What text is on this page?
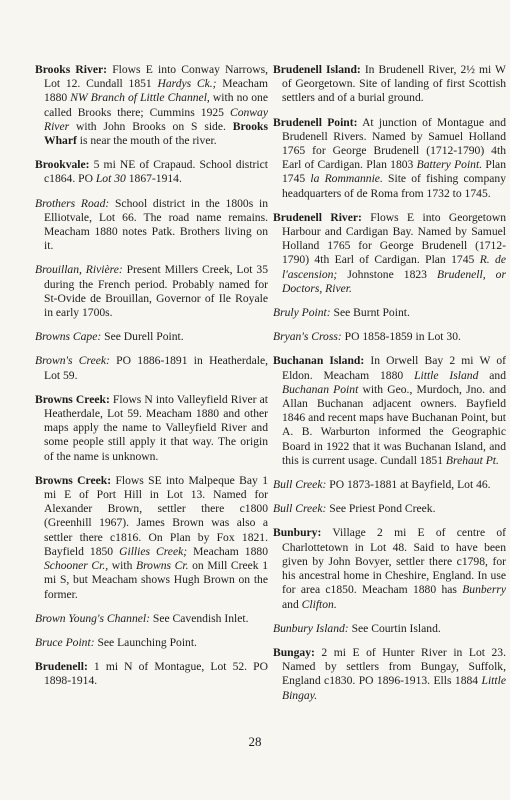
Brooks River: Flows E into Conway Narrows, Lot 12. Cundall 1851 Hardys Ck.; Meacham 1880 NW Branch of Little Channel, with no one called Brooks there; Cummins 1925 Conway River with John Brooks on S side. Brooks Wharf is near the mouth of the river.

Brookvale: 5 mi NE of Crapaud. School district c1864. PO Lot 30 1867-1914.

Brothers Road: School district in the 1800s in Elliotvale, Lot 66. The road name remains. Meacham 1880 notes Patk. Brothers living on it.

Brouillan, Rivière: Present Millers Creek, Lot 35 during the French period. Probably named for St-Ovide de Brouillan, Governor of Ile Royale in early 1700s.

Browns Cape: See Durell Point.

Brown's Creek: PO 1886-1891 in Heatherdale, Lot 59.

Browns Creek: Flows N into Valleyfield River at Heatherdale, Lot 59. Meacham 1880 and other maps apply the name to Valleyfield River and some people still apply it that way. The origin of the name is unknown.

Browns Creek: Flows SE into Malpeque Bay 1 mi E of Port Hill in Lot 13. Named for Alexander Brown, settler there c1800 (Greenhill 1967). James Brown was also a settler there c1816. On Plan by Fox 1821. Bayfield 1850 Gillies Creek; Meacham 1880 Schooner Cr., with Browns Cr. on Mill Creek 1 mi S, but Meacham shows Hugh Brown on the former.

Brown Young's Channel: See Cavendish Inlet.

Bruce Point: See Launching Point.

Brudenell: 1 mi N of Montague, Lot 52. PO 1898-1914.

Brudenell Island: In Brudenell River, 2½ mi W of Georgetown. Site of landing of first Scottish settlers and of a burial ground.

Brudenell Point: At junction of Montague and Brudenell Rivers. Named by Samuel Holland 1765 for George Brudenell (1712-1790) 4th Earl of Cardigan. Plan 1803 Battery Point. Plan 1745 la Rommannie. Site of fishing company headquarters of de Roma from 1732 to 1745.

Brudenell River: Flows E into Georgetown Harbour and Cardigan Bay. Named by Samuel Holland 1765 for George Brudenell (1712-1790) 4th Earl of Cardigan. Plan 1745 R. de l'ascension; Johnstone 1823 Brudenell, or Doctors, River.

Bruly Point: See Burnt Point.

Bryan's Cross: PO 1858-1859 in Lot 30.

Buchanan Island: In Orwell Bay 2 mi W of Eldon. Meacham 1880 Little Island and Buchanan Point with Geo., Murdoch, Jno. and Allan Buchanan adjacent owners. Bayfield 1846 and recent maps have Buchanan Point, but A. B. Warburton informed the Geographic Board in 1922 that it was Buchanan Island, and this is current usage. Cundall 1851 Brehaut Pt.

Bull Creek: PO 1873-1881 at Bayfield, Lot 46.

Bull Creek: See Priest Pond Creek.

Bunbury: Village 2 mi E of centre of Charlottetown in Lot 48. Said to have been given by John Bovyer, settler there c1798, for his ancestral home in Cheshire, England. In use for area c1850. Meacham 1880 has Bunberry and Clifton.

Bunbury Island: See Courtin Island.

Bungay: 2 mi E of Hunter River in Lot 23. Named by settlers from Bungay, Suffolk, England c1830. PO 1896-1913. Ells 1884 Little Bingay.

28
